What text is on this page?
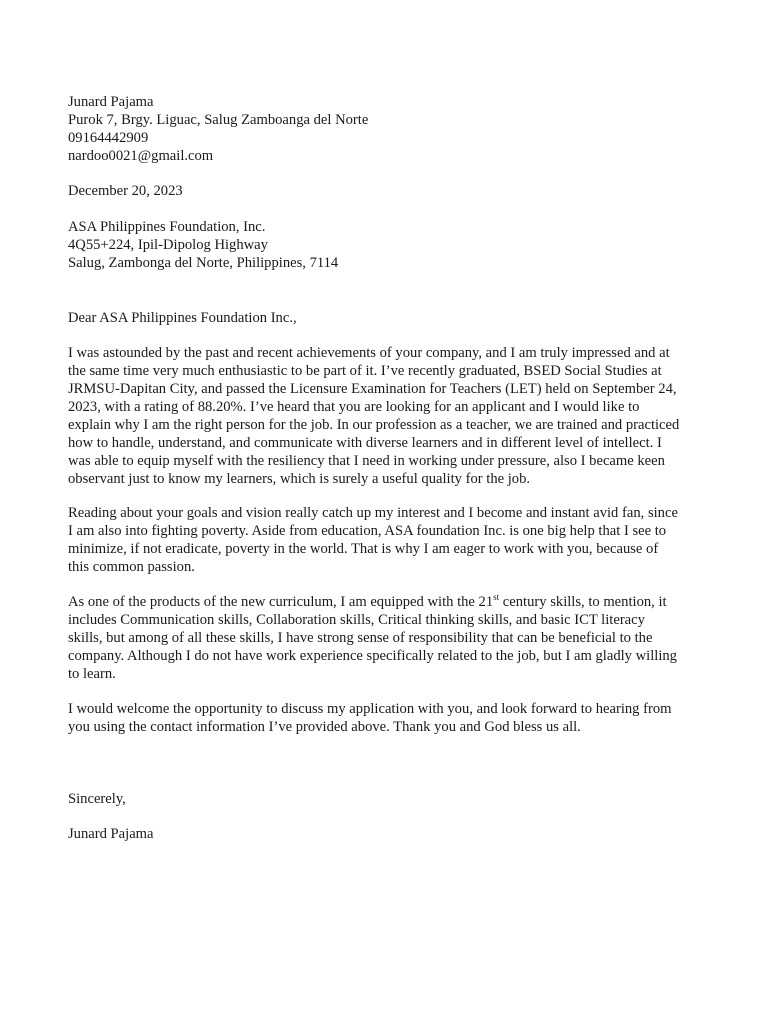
Junard Pajama
Purok 7, Brgy. Liguac, Salug Zamboanga del Norte
09164442909
nardoo0021@gmail.com
December 20, 2023
ASA Philippines Foundation, Inc.
4Q55+224, Ipil-Dipolog Highway
Salug, Zambonga del Norte, Philippines, 7114
Dear ASA Philippines Foundation Inc.,
I was astounded by the past and recent achievements of your company, and I am truly impressed and at
the same time very much enthusiastic to be part of it. I’ve recently graduated, BSED Social Studies at
JRMSU-Dapitan City, and passed the Licensure Examination for Teachers (LET) held on September 24,
2023, with a rating of 88.20%. I’ve heard that you are looking for an applicant and I would like to
explain why I am the right person for the job. In our profession as a teacher, we are trained and practiced
how to handle, understand, and communicate with diverse learners and in different level of intellect. I
was able to equip myself with the resiliency that I need in working under pressure, also I became keen
observant just to know my learners, which is surely a useful quality for the job.
Reading about your goals and vision really catch up my interest and I become and instant avid fan, since
I am also into fighting poverty. Aside from education, ASA foundation Inc. is one big help that I see to
minimize, if not eradicate, poverty in the world. That is why I am eager to work with you, because of
this common passion.
As one of the products of the new curriculum, I am equipped with the 21st century skills, to mention, it
includes Communication skills, Collaboration skills, Critical thinking skills, and basic ICT literacy
skills, but among of all these skills, I have strong sense of responsibility that can be beneficial to the
company. Although I do not have work experience specifically related to the job, but I am gladly willing
to learn.
I would welcome the opportunity to discuss my application with you, and look forward to hearing from
you using the contact information I’ve provided above. Thank you and God bless us all.
Sincerely,
Junard Pajama
